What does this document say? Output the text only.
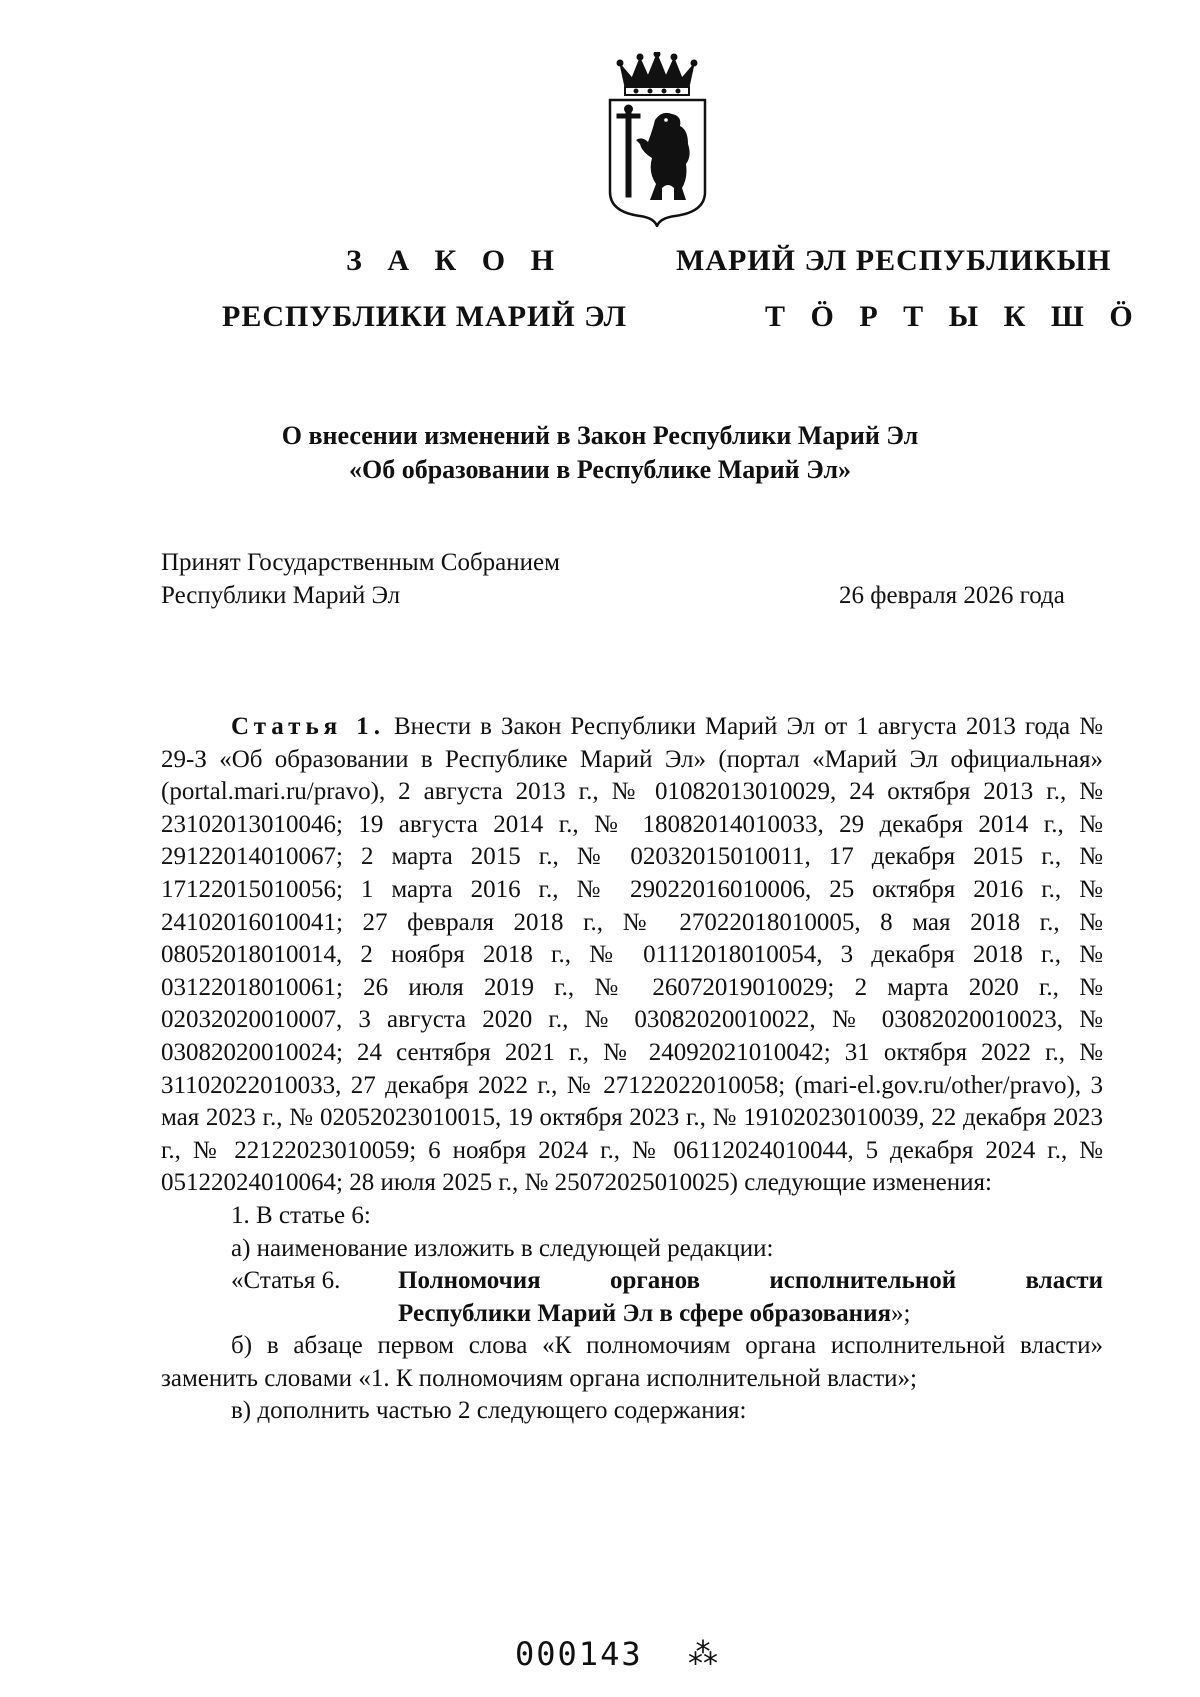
З А К О Н
РЕСПУБЛИКИ МАРИЙ ЭЛ
МАРИЙ ЭЛ РЕСПУБЛИКЫН
Т Ӧ Р Т Ы К Ш Ӧ
О внесении изменений в Закон Республики Марий Эл
«Об образовании в Республике Марий Эл»
Принят Государственным Собранием
Республики Марий Эл	26 февраля 2026 года

Статья 1. Внести в Закон Республики Марий Эл от 1 августа 2013 года № 29-З «Об образовании в Республике Марий Эл» (портал «Марий Эл официальная» (portal.mari.ru/pravo), 2 августа 2013 г., № 01082013010029, 24 октября 2013 г., № 23102013010046; 19 августа 2014 г., № 18082014010033, 29 декабря 2014 г., № 29122014010067; 2 марта 2015 г., № 02032015010011, 17 декабря 2015 г., № 17122015010056; 1 марта 2016 г., № 29022016010006, 25 октября 2016 г., № 24102016010041; 27 февраля 2018 г., № 27022018010005, 8 мая 2018 г., № 08052018010014, 2 ноября 2018 г., № 01112018010054, 3 декабря 2018 г., № 03122018010061; 26 июля 2019 г., № 26072019010029; 2 марта 2020 г., № 02032020010007, 3 августа 2020 г., № 03082020010022, № 03082020010023, № 03082020010024; 24 сентября 2021 г., № 24092021010042; 31 октября 2022 г., № 31102022010033, 27 декабря 2022 г., № 27122022010058; (mari-el.gov.ru/other/pravo), 3 мая 2023 г., № 02052023010015, 19 октября 2023 г., № 19102023010039, 22 декабря 2023 г., № 22122023010059; 6 ноября 2024 г., № 06112024010044, 5 декабря 2024 г., № 05122024010064; 28 июля 2025 г., № 25072025010025) следующие изменения:

1. В статье 6:

а) наименование изложить в следующей редакции:

«Статья 6.	Полномочия органов исполнительной власти
Республики Марий Эл в сфере образования»;

б) в абзаце первом слова «К полномочиям органа исполнительной власти» заменить словами «1. К полномочиям органа исполнительной власти»;

в) дополнить частью 2 следующего содержания:

000143 ⁂
